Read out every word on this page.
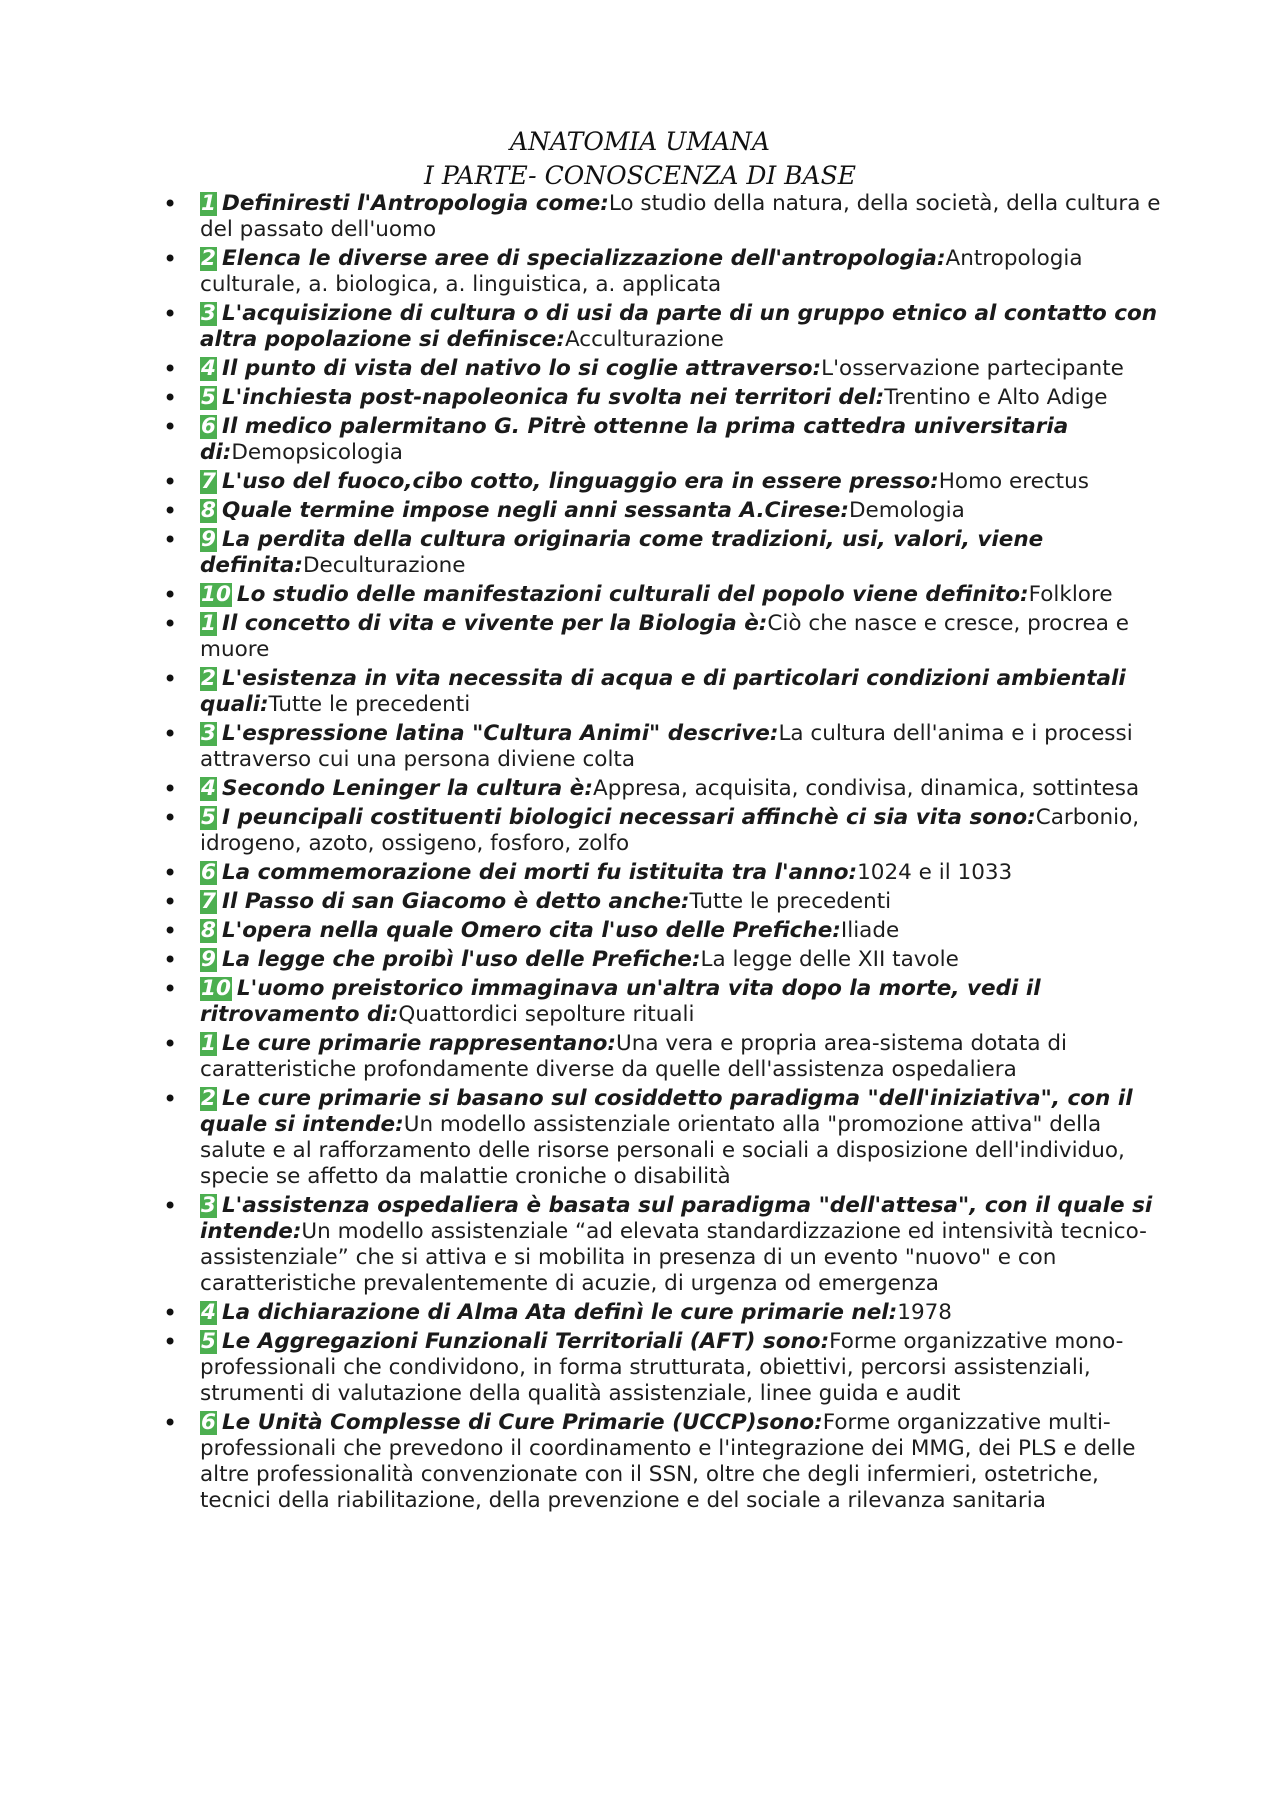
ANATOMIA UMANA
I PARTE- CONOSCENZA DI BASE
• 1 Definiresti l'Antropologia come:Lo studio della natura, della società, della cultura e del passato dell'uomo
• 2 Elenca le diverse aree di specializzazione dell'antropologia:Antropologia culturale, a. biologica, a. linguistica, a. applicata
• 3 L'acquisizione di cultura o di usi da parte di un gruppo etnico al contatto con altra popolazione si definisce:Acculturazione
• 4 Il punto di vista del nativo lo si coglie attraverso:L'osservazione partecipante
• 5 L'inchiesta post-napoleonica fu svolta nei territori del:Trentino e Alto Adige
• 6 Il medico palermitano G. Pitrè ottenne la prima cattedra universitaria di:Demopsicologia
• 7 L'uso del fuoco,cibo cotto, linguaggio era in essere presso:Homo erectus
• 8 Quale termine impose negli anni sessanta A.Cirese:Demologia
• 9 La perdita della cultura originaria come tradizioni, usi, valori, viene definita:Deculturazione
• 10 Lo studio delle manifestazioni culturali del popolo viene definito:Folklore
• 1 Il concetto di vita e vivente per la Biologia è:Ciò che nasce e cresce, procrea e muore
• 2 L'esistenza in vita necessita di acqua e di particolari condizioni ambientali quali:Tutte le precedenti
• 3 L'espressione latina "Cultura Animi" descrive:La cultura dell'anima e i processi attraverso cui una persona diviene colta
• 4 Secondo Leninger la cultura è:Appresa, acquisita, condivisa, dinamica, sottintesa
• 5 I peuncipali costituenti biologici necessari affinchè ci sia vita sono:Carbonio, idrogeno, azoto, ossigeno, fosforo, zolfo
• 6 La commemorazione dei morti fu istituita tra l'anno:1024 e il 1033
• 7 Il Passo di san Giacomo è detto anche:Tutte le precedenti
• 8 L'opera nella quale Omero cita l'uso delle Prefiche:Iliade
• 9 La legge che proibì l'uso delle Prefiche:La legge delle XII tavole
• 10 L'uomo preistorico immaginava un'altra vita dopo la morte, vedi il ritrovamento di:Quattordici sepolture rituali
• 1 Le cure primarie rappresentano:Una vera e propria area-sistema dotata di caratteristiche profondamente diverse da quelle dell'assistenza ospedaliera
• 2 Le cure primarie si basano sul cosiddetto paradigma "dell'iniziativa", con il quale si intende:Un modello assistenziale orientato alla "promozione attiva" della salute e al rafforzamento delle risorse personali e sociali a disposizione dell'individuo, specie se affetto da malattie croniche o disabilità
• 3 L'assistenza ospedaliera è basata sul paradigma "dell'attesa", con il quale si intende:Un modello assistenziale “ad elevata standardizzazione ed intensività tecnico-assistenziale” che si attiva e si mobilita in presenza di un evento "nuovo" e con caratteristiche prevalentemente di acuzie, di urgenza od emergenza
• 4 La dichiarazione di Alma Ata definì le cure primarie nel:1978
• 5 Le Aggregazioni Funzionali Territoriali (AFT) sono:Forme organizzative mono-professionali che condividono, in forma strutturata, obiettivi, percorsi assistenziali, strumenti di valutazione della qualità assistenziale, linee guida e audit
• 6 Le Unità Complesse di Cure Primarie (UCCP)sono:Forme organizzative multi-professionali che prevedono il coordinamento e l'integrazione dei MMG, dei PLS e delle altre professionalità convenzionate con il SSN, oltre che degli infermieri, ostetriche, tecnici della riabilitazione, della prevenzione e del sociale a rilevanza sanitaria
